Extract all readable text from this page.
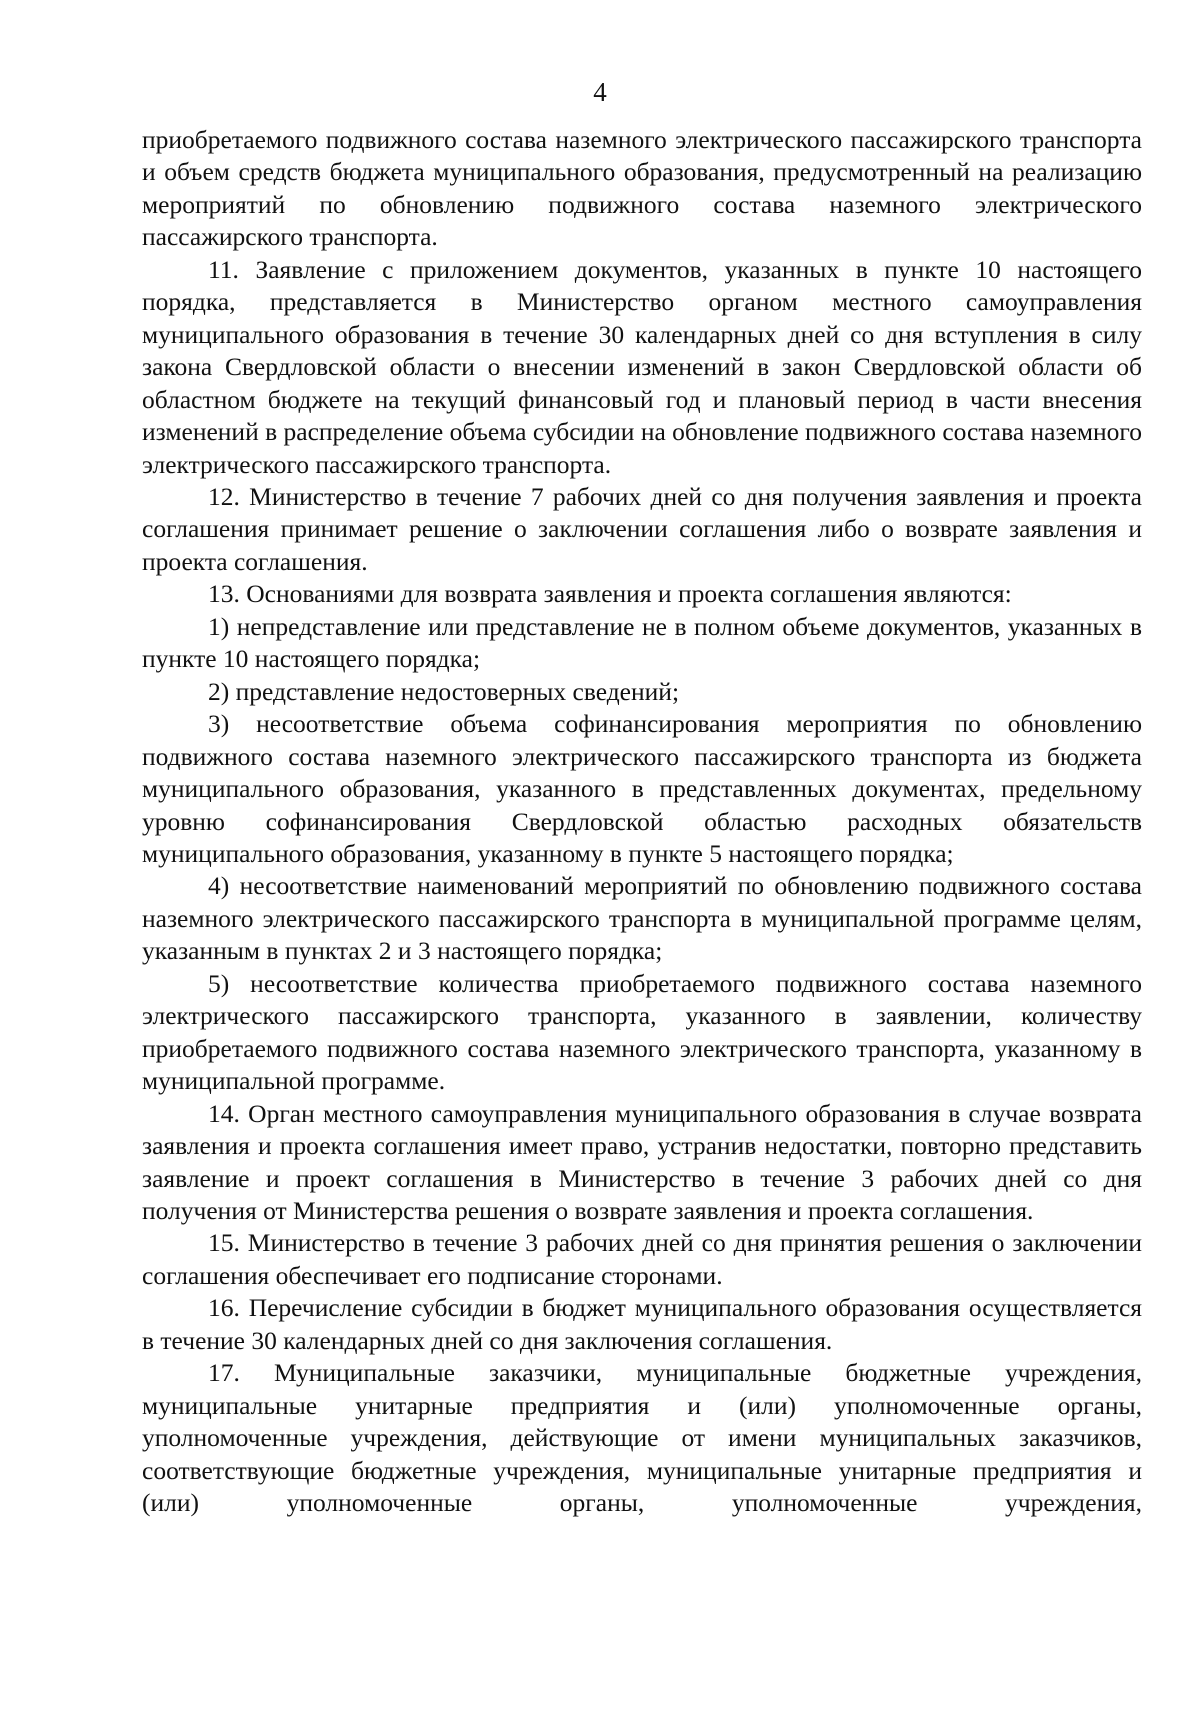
4

приобретаемого подвижного состава наземного электрического пассажирского транспорта и объем средств бюджета муниципального образования, предусмотренный на реализацию мероприятий по обновлению подвижного состава наземного электрического пассажирского транспорта.

11. Заявление с приложением документов, указанных в пункте 10 настоящего порядка, представляется в Министерство органом местного самоуправления муниципального образования в течение 30 календарных дней со дня вступления в силу закона Свердловской области о внесении изменений в закон Свердловской области об областном бюджете на текущий финансовый год и плановый период в части внесения изменений в распределение объема субсидии на обновление подвижного состава наземного электрического пассажирского транспорта.

12. Министерство в течение 7 рабочих дней со дня получения заявления и проекта соглашения принимает решение о заключении соглашения либо о возврате заявления и проекта соглашения.

13. Основаниями для возврата заявления и проекта соглашения являются:

1) непредставление или представление не в полном объеме документов, указанных в пункте 10 настоящего порядка;

2) представление недостоверных сведений;

3) несоответствие объема софинансирования мероприятия по обновлению подвижного состава наземного электрического пассажирского транспорта из бюджета муниципального образования, указанного в представленных документах, предельному уровню софинансирования Свердловской областью расходных обязательств муниципального образования, указанному в пункте 5 настоящего порядка;

4) несоответствие наименований мероприятий по обновлению подвижного состава наземного электрического пассажирского транспорта в муниципальной программе целям, указанным в пунктах 2 и 3 настоящего порядка;

5) несоответствие количества приобретаемого подвижного состава наземного электрического пассажирского транспорта, указанного в заявлении, количеству приобретаемого подвижного состава наземного электрического транспорта, указанному в муниципальной программе.

14. Орган местного самоуправления муниципального образования в случае возврата заявления и проекта соглашения имеет право, устранив недостатки, повторно представить заявление и проект соглашения в Министерство в течение 3 рабочих дней со дня получения от Министерства решения о возврате заявления и проекта соглашения.

15. Министерство в течение 3 рабочих дней со дня принятия решения о заключении соглашения обеспечивает его подписание сторонами.

16. Перечисление субсидии в бюджет муниципального образования осуществляется в течение 30 календарных дней со дня заключения соглашения.

17. Муниципальные заказчики, муниципальные бюджетные учреждения, муниципальные унитарные предприятия и (или) уполномоченные органы, уполномоченные учреждения, действующие от имени муниципальных заказчиков, соответствующие бюджетные учреждения, муниципальные унитарные предприятия и (или) уполномоченные органы, уполномоченные учреждения,
